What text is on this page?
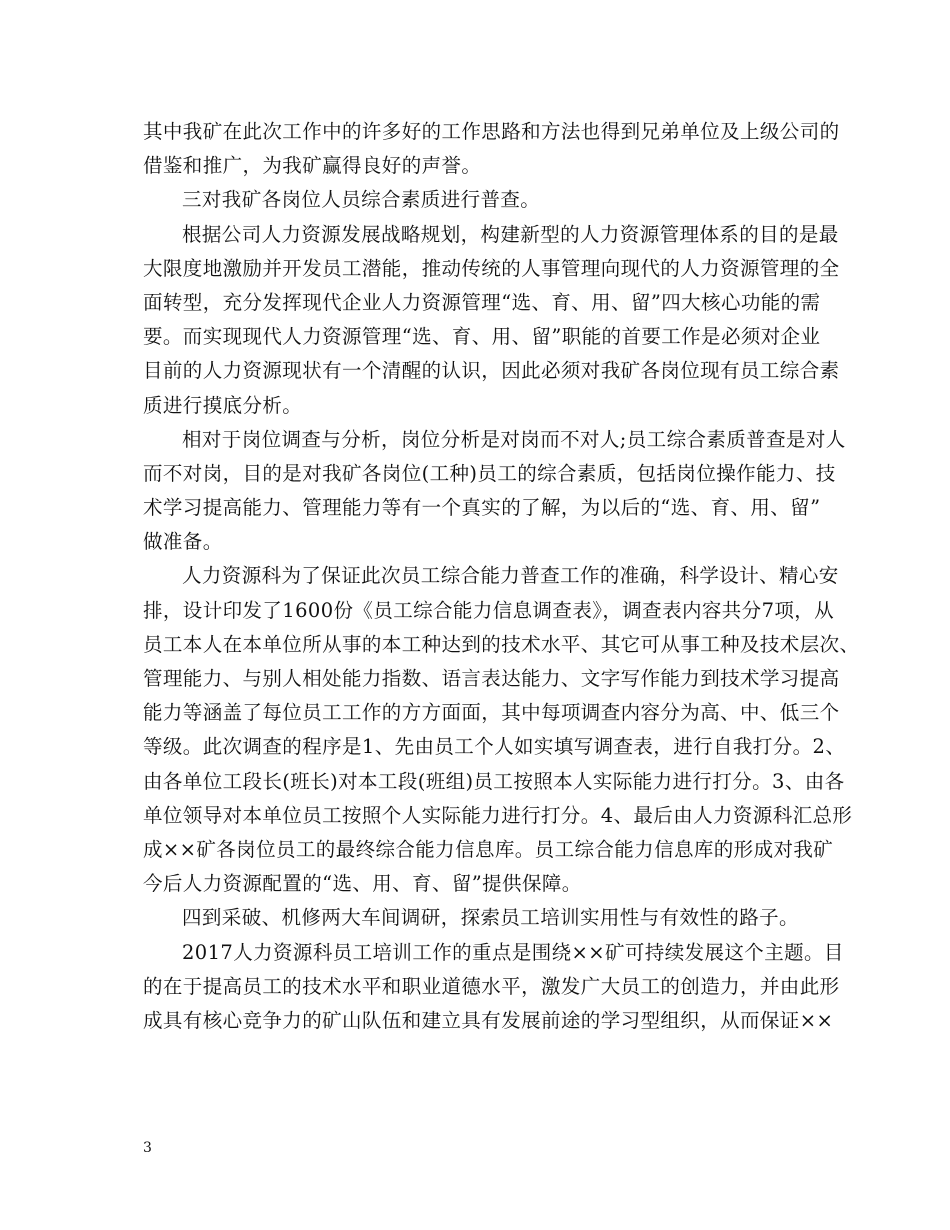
其中我矿在此次工作中的许多好的工作思路和方法也得到兄弟单位及上级公司的
借鉴和推广，为我矿赢得良好的声誉。
三对我矿各岗位人员综合素质进行普查。
根据公司人力资源发展战略规划，构建新型的人力资源管理体系的目的是最
大限度地激励并开发员工潜能，推动传统的人事管理向现代的人力资源管理的全
面转型，充分发挥现代企业人力资源管理“选、育、用、留”四大核心功能的需
要。而实现现代人力资源管理“选、育、用、留”职能的首要工作是必须对企业
目前的人力资源现状有一个清醒的认识，因此必须对我矿各岗位现有员工综合素
质进行摸底分析。
相对于岗位调查与分析，岗位分析是对岗而不对人;员工综合素质普查是对人
而不对岗，目的是对我矿各岗位(工种)员工的综合素质，包括岗位操作能力、技
术学习提高能力、管理能力等有一个真实的了解，为以后的“选、育、用、留”
做准备。
人力资源科为了保证此次员工综合能力普查工作的准确，科学设计、精心安
排，设计印发了1600份《员工综合能力信息调查表》，调查表内容共分7项，从
员工本人在本单位所从事的本工种达到的技术水平、其它可从事工种及技术层次、
管理能力、与别人相处能力指数、语言表达能力、文字写作能力到技术学习提高
能力等涵盖了每位员工工作的方方面面，其中每项调查内容分为高、中、低三个
等级。此次调查的程序是1、先由员工个人如实填写调查表，进行自我打分。2、
由各单位工段长(班长)对本工段(班组)员工按照本人实际能力进行打分。3、由各
单位领导对本单位员工按照个人实际能力进行打分。4、最后由人力资源科汇总形
成××矿各岗位员工的最终综合能力信息库。员工综合能力信息库的形成对我矿
今后人力资源配置的“选、用、育、留”提供保障。
四到采破、机修两大车间调研，探索员工培训实用性与有效性的路子。
2017人力资源科员工培训工作的重点是围绕××矿可持续发展这个主题。目
的在于提高员工的技术水平和职业道德水平，激发广大员工的创造力，并由此形
成具有核心竞争力的矿山队伍和建立具有发展前途的学习型组织，从而保证××
3
